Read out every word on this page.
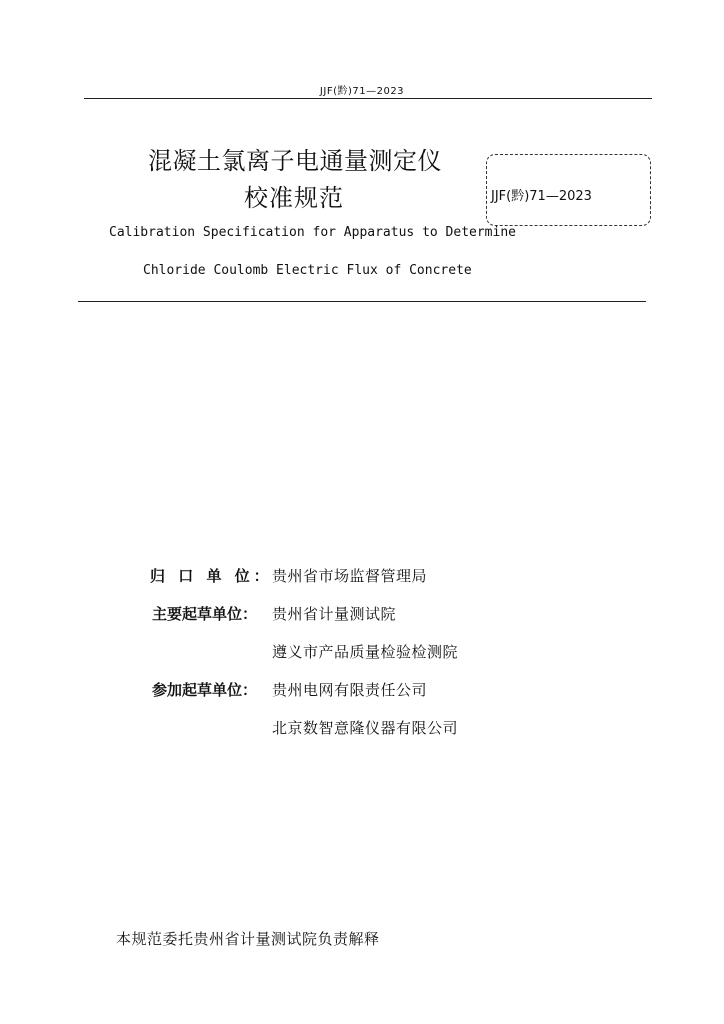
JJF(黔)71—2023
混凝土氯离子电通量测定仪
校准规范	JJF(黔)71—2023
Calibration Specification for Apparatus to Determine
Chloride Coulomb Electric Flux of Concrete
归 口 单 位： 贵州省市场监督管理局
主要起草单位： 贵州省计量测试院
遵义市产品质量检验检测院
参加起草单位： 贵州电网有限责任公司
北京数智意隆仪器有限公司
本规范委托贵州省计量测试院负责解释
